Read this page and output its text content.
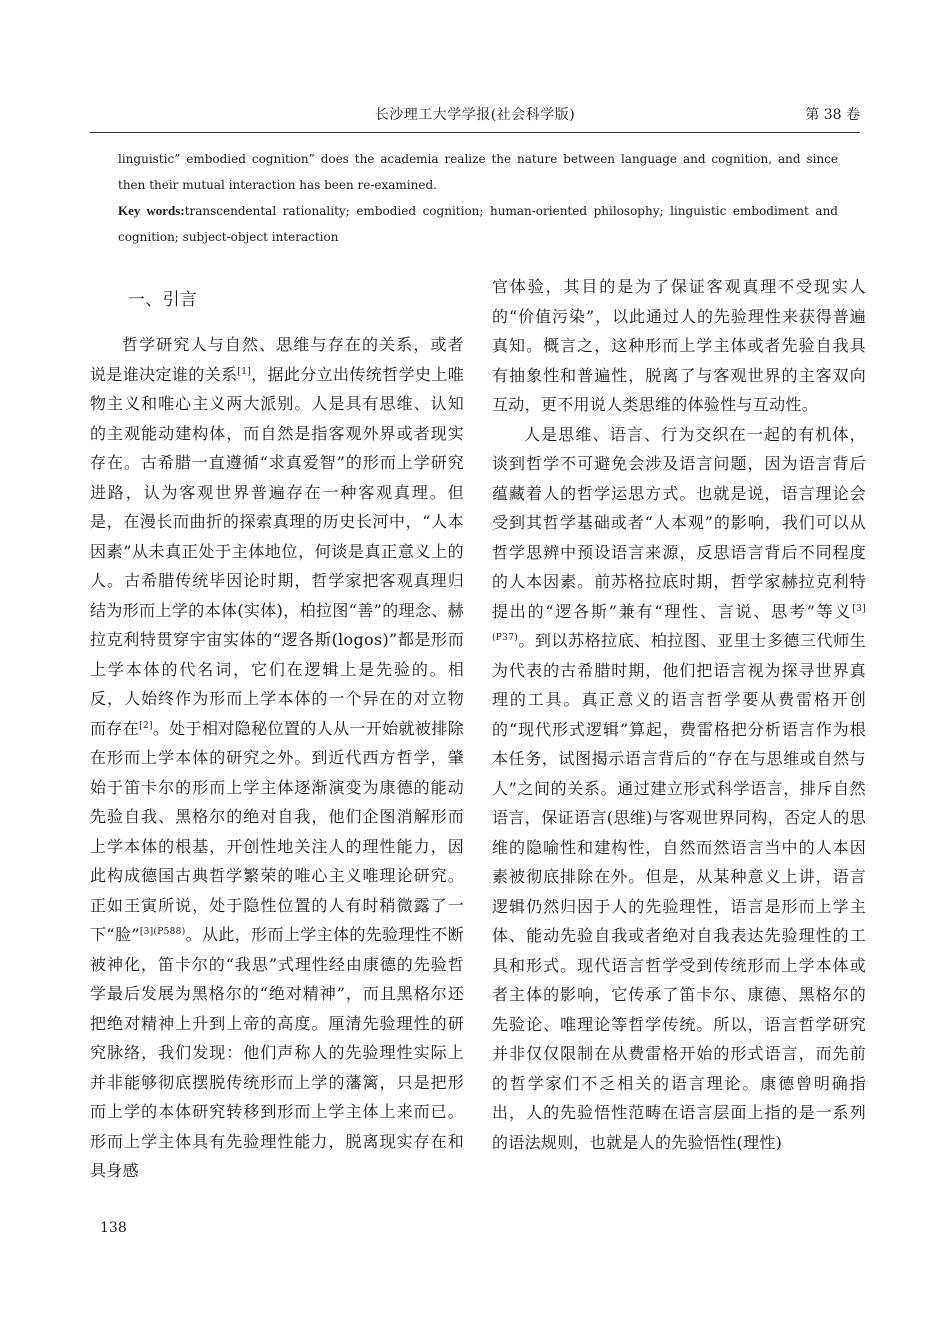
长沙理工大学学报(社会科学版)	第 38 卷

linguistic” embodied cognition” does the academia realize the nature between language and cognition, and since then their mutual interaction has been re-examined.

Key words:transcendental rationality; embodied cognition; human-oriented philosophy; linguistic embodiment and cognition; subject-object interaction

一、引言

哲学研究人与自然、思维与存在的关系，或者说是谁决定谁的关系[1]，据此分立出传统哲学史上唯物主义和唯心主义两大派别。人是具有思维、认知的主观能动建构体，而自然是指客观外界或者现实存在。古希腊一直遵循“求真爱智”的形而上学研究进路，认为客观世界普遍存在一种客观真理。但是，在漫长而曲折的探索真理的历史长河中，“人本因素”从未真正处于主体地位，何谈是真正意义上的人。古希腊传统毕因论时期，哲学家把客观真理归结为形而上学的本体(实体)，柏拉图“善”的理念、赫拉克利特贯穿宇宙实体的“逻各斯(logos)”都是形而上学本体的代名词，它们在逻辑上是先验的。相反，人始终作为形而上学本体的一个异在的对立物而存在[2]。处于相对隐秘位置的人从一开始就被排除在形而上学本体的研究之外。到近代西方哲学，肇始于笛卡尔的形而上学主体逐渐演变为康德的能动先验自我、黑格尔的绝对自我，他们企图消解形而上学本体的根基，开创性地关注人的理性能力，因此构成德国古典哲学繁荣的唯心主义唯理论研究。正如王寅所说，处于隐性位置的人有时稍微露了一下“脸”$^{[3](P588)}$。从此，形而上学主体的先验理性不断被神化，笛卡尔的“我思”式理性经由康德的先验哲学最后发展为黑格尔的“绝对精神”，而且黑格尔还把绝对精神上升到上帝的高度。厘清先验理性的研究脉络，我们发现：他们声称人的先验理性实际上并非能够彻底摆脱传统形而上学的藩篱，只是把形而上学的本体研究转移到形而上学主体上来而已。形而上学主体具有先验理性能力，脱离现实存在和具身感

官体验，其目的是为了保证客观真理不受现实人的“价值污染”，以此通过人的先验理性来获得普遍真知。概言之，这种形而上学主体或者先验自我具有抽象性和普遍性，脱离了与客观世界的主客双向互动，更不用说人类思维的体验性与互动性。

人是思维、语言、行为交织在一起的有机体，谈到哲学不可避免会涉及语言问题，因为语言背后蕴藏着人的哲学运思方式。也就是说，语言理论会受到其哲学基础或者“人本观”的影响，我们可以从哲学思辨中预设语言来源，反思语言背后不同程度的人本因素。前苏格拉底时期，哲学家赫拉克利特提出的“逻各斯”兼有“理性、言说、思考”等义$^{[3](P37)}$。到以苏格拉底、柏拉图、亚里士多德三代师生为代表的古希腊时期，他们把语言视为探寻世界真理的工具。真正意义的语言哲学要从费雷格开创的“现代形式逻辑”算起，费雷格把分析语言作为根本任务，试图揭示语言背后的“存在与思维或自然与人”之间的关系。通过建立形式科学语言，排斥自然语言，保证语言(思维)与客观世界同构，否定人的思维的隐喻性和建构性，自然而然语言当中的人本因素被彻底排除在外。但是，从某种意义上讲，语言逻辑仍然归因于人的先验理性，语言是形而上学主体、能动先验自我或者绝对自我表达先验理性的工具和形式。现代语言哲学受到传统形而上学本体或者主体的影响，它传承了笛卡尔、康德、黑格尔的先验论、唯理论等哲学传统。所以，语言哲学研究并非仅仅限制在从费雷格开始的形式语言，而先前的哲学家们不乏相关的语言理论。康德曾明确指出，人的先验悟性范畴在语言层面上指的是一系列的语法规则，也就是人的先验悟性(理性)

138
